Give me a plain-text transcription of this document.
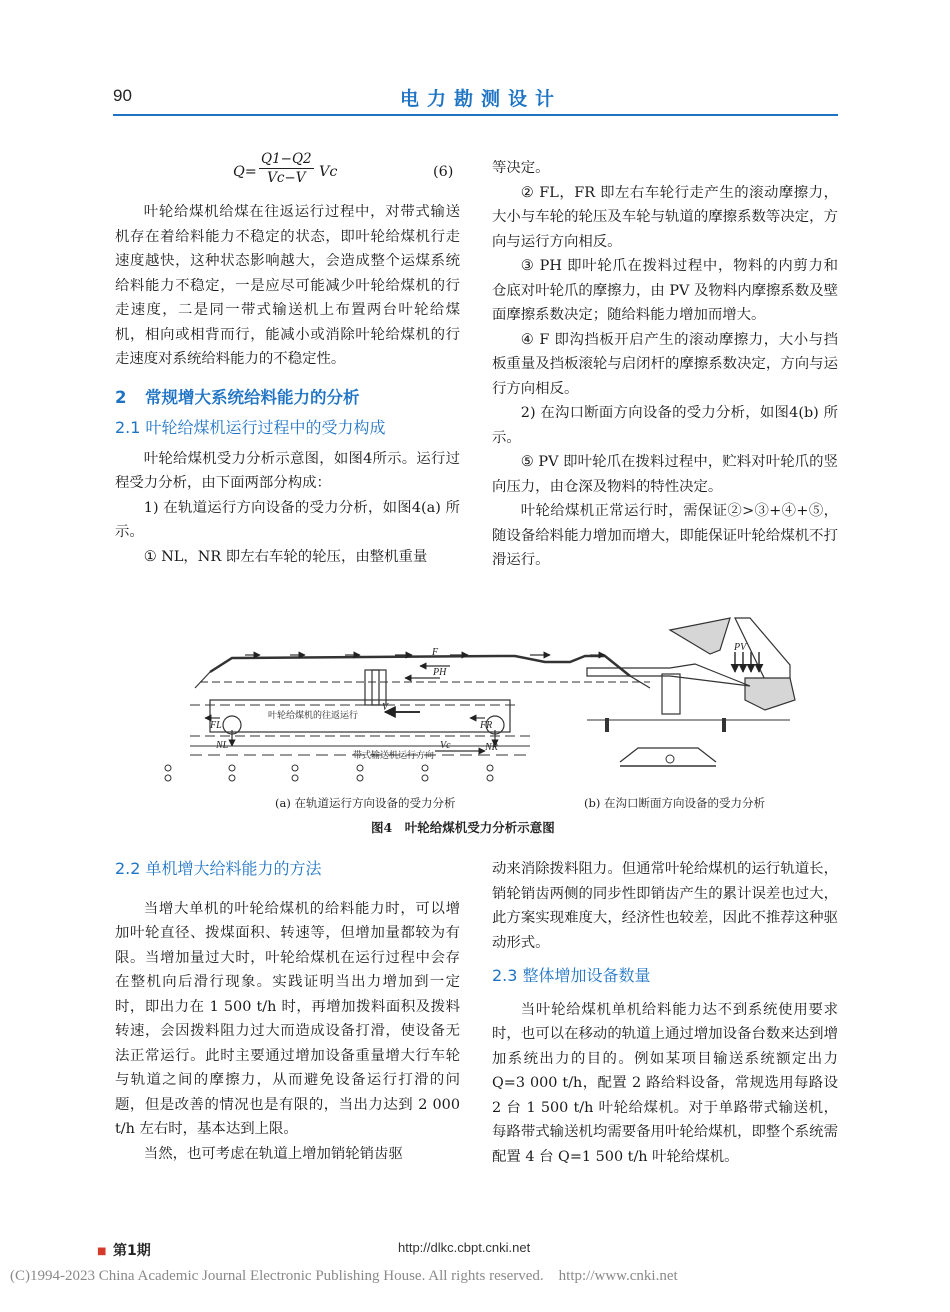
90	电力勘测设计
$Q= \frac{Q1-Q2}{Vc-V}$ Vc	(6)

叶轮给煤机给煤在往返运行过程中，对带式输送机存在着给料能力不稳定的状态，即叶轮给煤机行走速度越快，这种状态影响越大，会造成整个运煤系统给料能力不稳定，一是应尽可能减少叶轮给煤机的行走速度，二是同一带式输送机上布置两台叶轮给煤机，相向或相背而行，能减小或消除叶轮给煤机的行走速度对系统给料能力的不稳定性。

2 常规增大系统给料能力的分析
2.1 叶轮给煤机运行过程中的受力构成

叶轮给煤机受力分析示意图，如图4所示。运行过程受力分析，由下面两部分构成：

1) 在轨道运行方向设备的受力分析，如图4(a) 所示。

① NL，NR 即左右车轮的轮压，由整机重量

等决定。

② FL，FR 即左右车轮行走产生的滚动摩擦力，大小与车轮的轮压及车轮与轨道的摩擦系数等决定，方向与运行方向相反。

③ PH 即叶轮爪在拨料过程中，物料的内剪力和仓底对叶轮爪的摩擦力，由 PV 及物料内摩擦系数及壁面摩擦系数决定；随给料能力增加而增大。

④ F 即沟挡板开启产生的滚动摩擦力，大小与挡板重量及挡板滚轮与启闭杆的摩擦系数决定，方向与运行方向相反。

2) 在沟口断面方向设备的受力分析，如图4(b) 所示。

⑤ PV 即叶轮爪在拨料过程中，贮料对叶轮爪的竖向压力，由仓深及物料的特性决定。

叶轮给煤机正常运行时，需保证②>③+④+⑤，随设备给料能力增加而增大，即能保证叶轮给煤机不打滑运行。

F
PH
V
FL	FR
NL	NR
Vc
叶轮给煤机的往返运行
带式输送机运行方向
PV
(a) 在轨道运行方向设备的受力分析	(b) 在沟口断面方向设备的受力分析
图4　叶轮给煤机受力分析示意图
2.2 单机增大给料能力的方法

当增大单机的叶轮给煤机的给料能力时，可以增加叶轮直径、拨煤面积、转速等，但增加量都较为有限。当增加量过大时，叶轮给煤机在运行过程中会存在整机向后滑行现象。实践证明当出力增加到一定时，即出力在 1 500 t/h 时，再增加拨料面积及拨料转速，会因拨料阻力过大而造成设备打滑，使设备无法正常运行。此时主要通过增加设备重量增大行车轮与轨道之间的摩擦力，从而避免设备运行打滑的问题，但是改善的情况也是有限的，当出力达到 2 000 t/h 左右时，基本达到上限。

当然，也可考虑在轨道上增加销轮销齿驱

动来消除拨料阻力。但通常叶轮给煤机的运行轨道长，销轮销齿两侧的同步性即销齿产生的累计误差也过大，此方案实现难度大，经济性也较差，因此不推荐这种驱动形式。

2.3 整体增加设备数量

当叶轮给煤机单机给料能力达不到系统使用要求时，也可以在移动的轨道上通过增加设备台数来达到增加系统出力的目的。例如某项目输送系统额定出力 Q=3 000 t/h，配置 2 路给料设备，常规选用每路设 2 台 1 500 t/h 叶轮给煤机。对于单路带式输送机，每路带式输送机均需要备用叶轮给煤机，即整个系统需配置 4 台 Q=1 500 t/h 叶轮给煤机。

■ 第1期	http://dlkc.cbpt.cnki.net
(C)1994-2023 China Academic Journal Electronic Publishing House. All rights reserved.　http://www.cnki.net
